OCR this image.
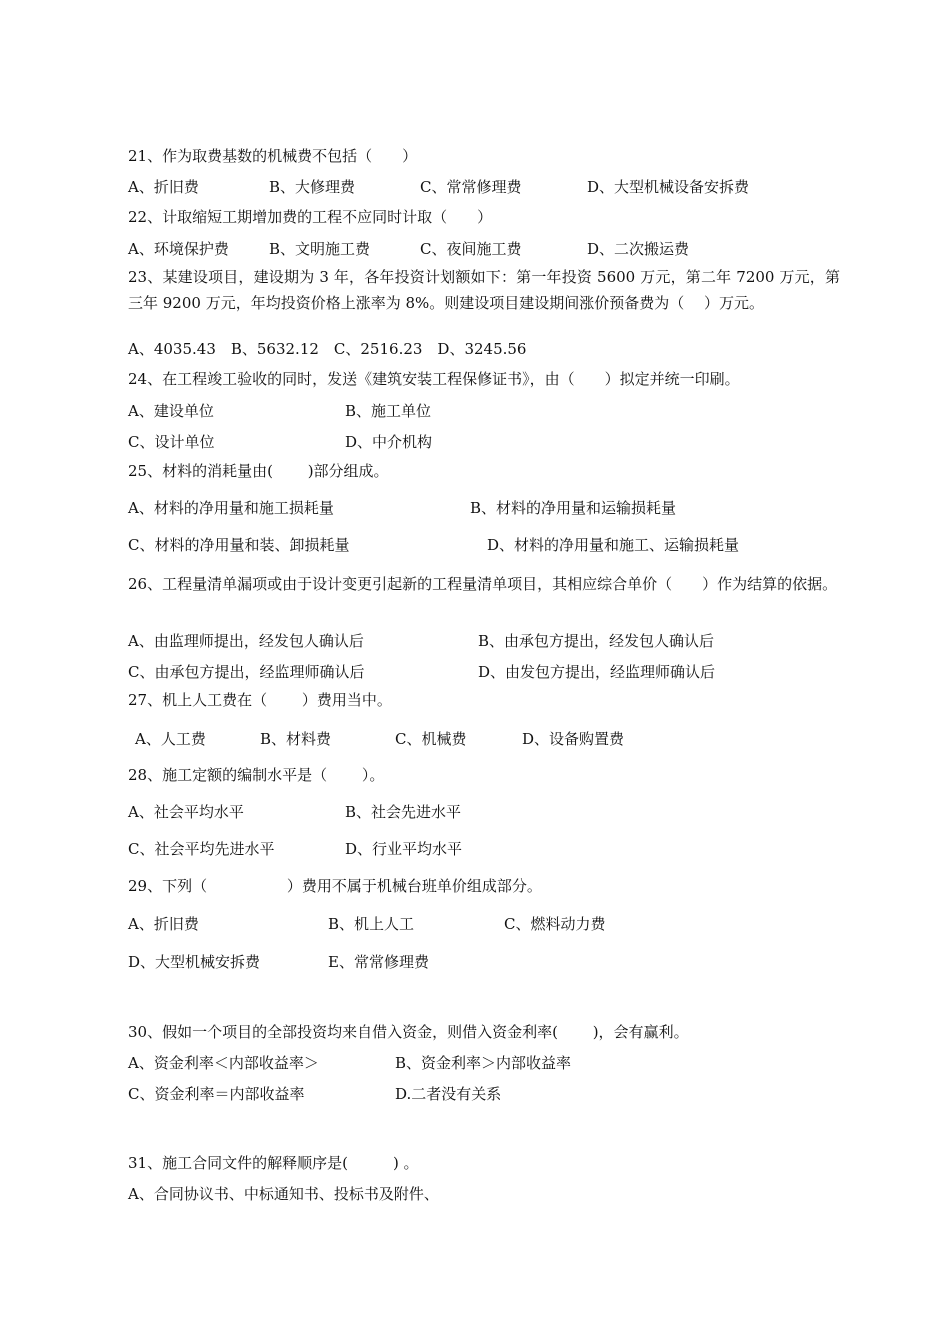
21、作为取费基数的机械费不包括（　　）
A、折旧费	B、大修理费	C、常常修理费	D、大型机械设备安拆费
22、计取缩短工期增加费的工程不应同时计取（　　）
A、环境保护费	B、文明施工费	C、夜间施工费	D、二次搬运费
23、某建设项目，建设期为 3 年，各年投资计划额如下：第一年投资 5600 万元，第二年 7200 万元，第三年 9200 万元，年均投资价格上涨率为 8%。则建设项目建设期间涨价预备费为（　 ）万元。
A、4035.43　B、5632.12　C、2516.23　D、3245.56
24、在工程竣工验收的同时，发送《建筑安装工程保修证书》，由（　　）拟定并统一印刷。
A、建设单位	B、施工单位
C、设计单位	D、中介机构
25、材料的消耗量由(　　 )部分组成。
A、材料的净用量和施工损耗量	B、材料的净用量和运输损耗量
C、材料的净用量和装、卸损耗量	D、材料的净用量和施工、运输损耗量
26、工程量清单漏项或由于设计变更引起新的工程量清单项目，其相应综合单价（　　）作为结算的依据。
A、由监理师提出，经发包人确认后	B、由承包方提出，经发包人确认后
C、由承包方提出，经监理师确认后	D、由发包方提出，经监理师确认后
27、机上人工费在（　　 ）费用当中。
A、人工费	B、材料费	C、机械费	D、设备购置费
28、施工定额的编制水平是（　　 ）。
A、社会平均水平	B、社会先进水平
C、社会平均先进水平	D、行业平均水平
29、下列（　　　　　 ）费用不属于机械台班单价组成部分。
A、折旧费	B、机上人工	C、燃料动力费
D、大型机械安拆费	E、常常修理费
30、假如一个项目的全部投资均来自借入资金，则借入资金利率(　　 )，会有赢利。
A、资金利率＜内部收益率＞	B、资金利率＞内部收益率
C、资金利率＝内部收益率	D.二者没有关系
31、施工合同文件的解释顺序是(　　　) 。
A、合同协议书、中标通知书、投标书及附件、
